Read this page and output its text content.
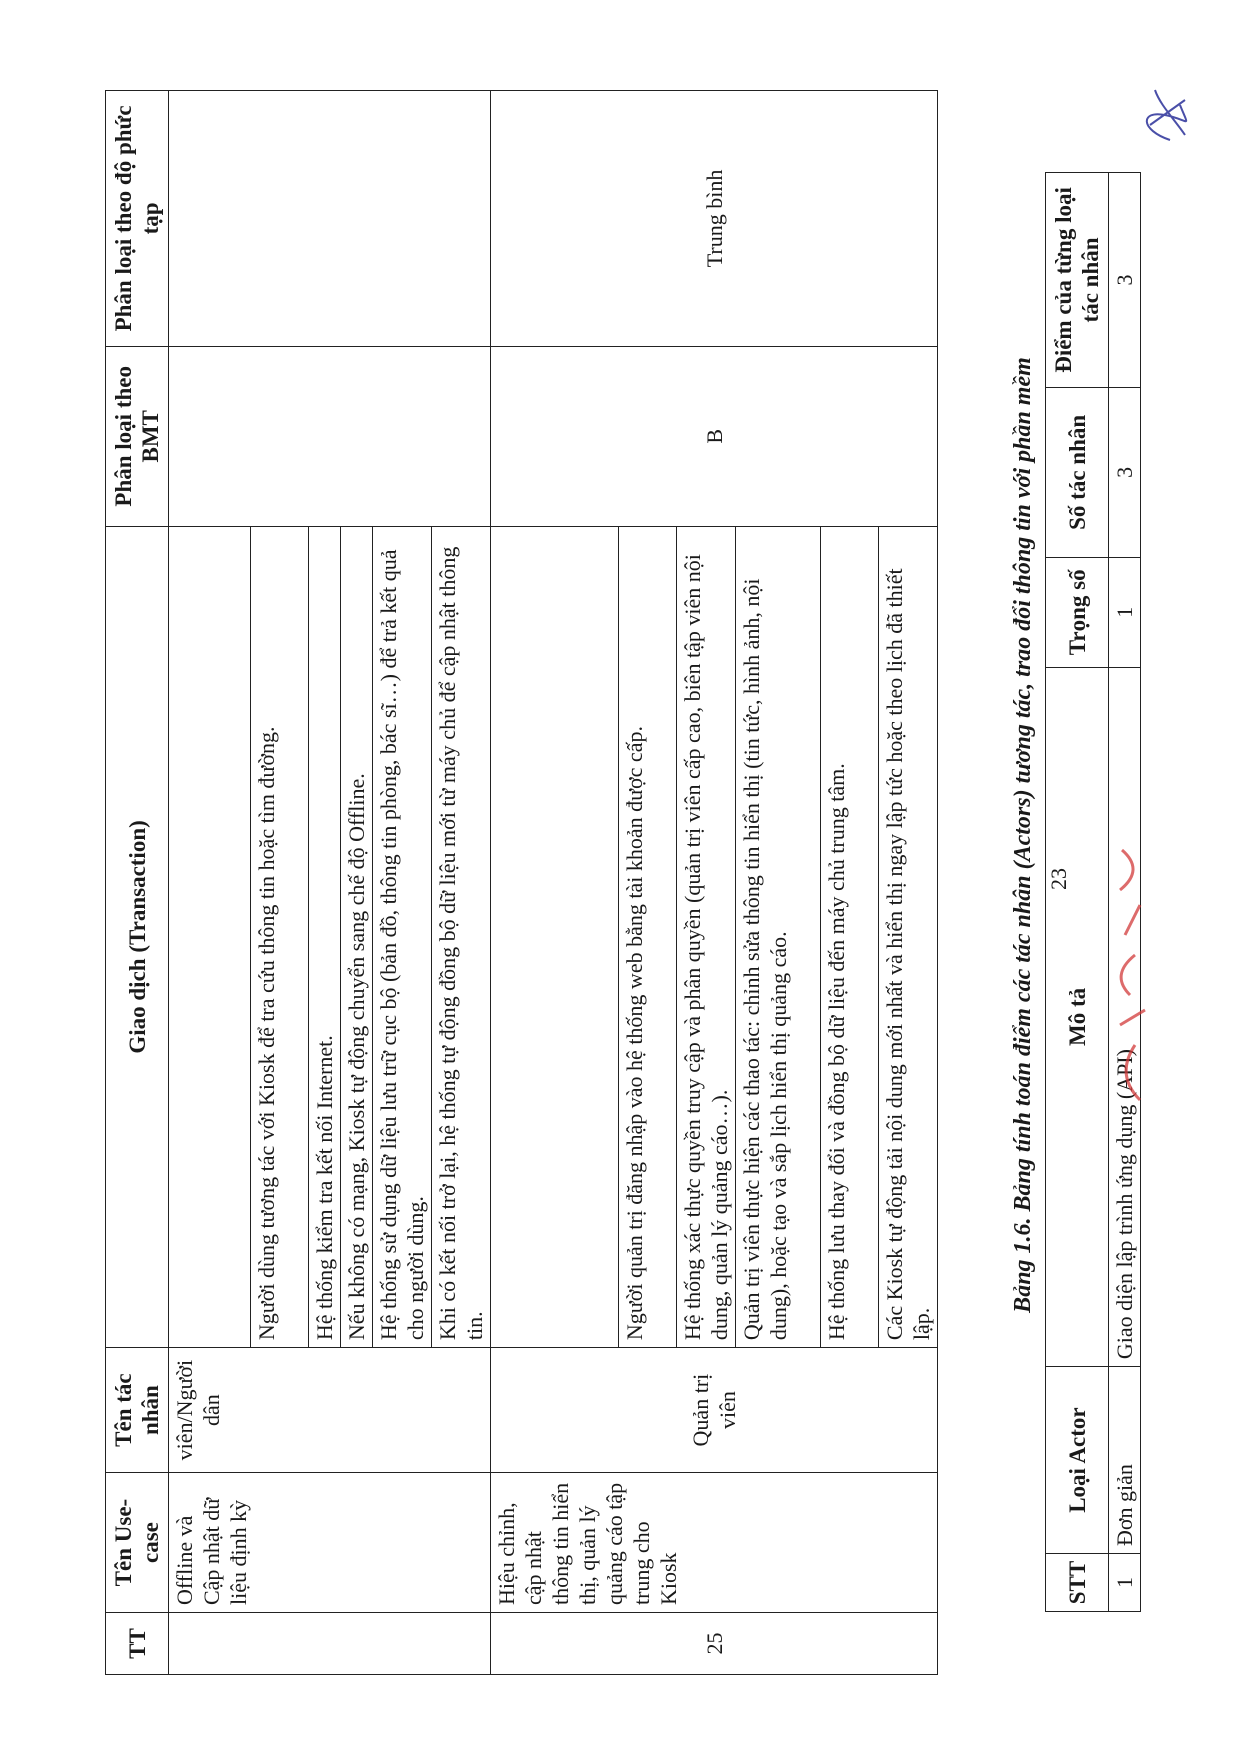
TT	Tên Use-case	Tên tác nhân	Giao dịch (Transaction)	Phân loại theo BMT	Phân loại theo độ phức tạp
	Offline và Cập nhật dữ liệu định kỳ	viên/Người dân			
			Người dùng tương tác với Kiosk để tra cứu thông tin hoặc tìm đường.		
			Hệ thống kiểm tra kết nối Internet.		
			Nếu không có mạng, Kiosk tự động chuyển sang chế độ Offline.		
			Hệ thống sử dụng dữ liệu lưu trữ cục bộ (bản đồ, thông tin phòng, bác sĩ…) để trả kết quả cho người dùng.		
			Khi có kết nối trở lại, hệ thống tự động đồng bộ dữ liệu mới từ máy chủ để cập nhật thông tin.		
25	Hiệu chỉnh, cập nhật thông tin hiển thị, quản lý quảng cáo tập trung cho Kiosk	Quản trị viên		B	Trung bình
			Người quản trị đăng nhập vào hệ thống web bằng tài khoản được cấp.		
			Hệ thống xác thực quyền truy cập và phân quyền (quản trị viên cấp cao, biên tập viên nội dung, quản lý quảng cáo…).		
			Quản trị viên thực hiện các thao tác: chỉnh sửa thông tin hiển thị (tin tức, hình ảnh, nội dung), hoặc tạo và sắp lịch hiển thị quảng cáo.		
			Hệ thống lưu thay đổi và đồng bộ dữ liệu đến máy chủ trung tâm.		
			Các Kiosk tự động tải nội dung mới nhất và hiển thị ngay lập tức hoặc theo lịch đã thiết lập.		
23
Bảng 1.6. Bảng tính toán điểm các tác nhân (Actors) tương tác, trao đổi thông tin với phần mềm
STT	Loại Actor	Mô tả	Trọng số	Số tác nhân	Điểm của từng loại tác nhân
1	Đơn giản	Giao diện lập trình ứng dụng (API)	1	3	3
